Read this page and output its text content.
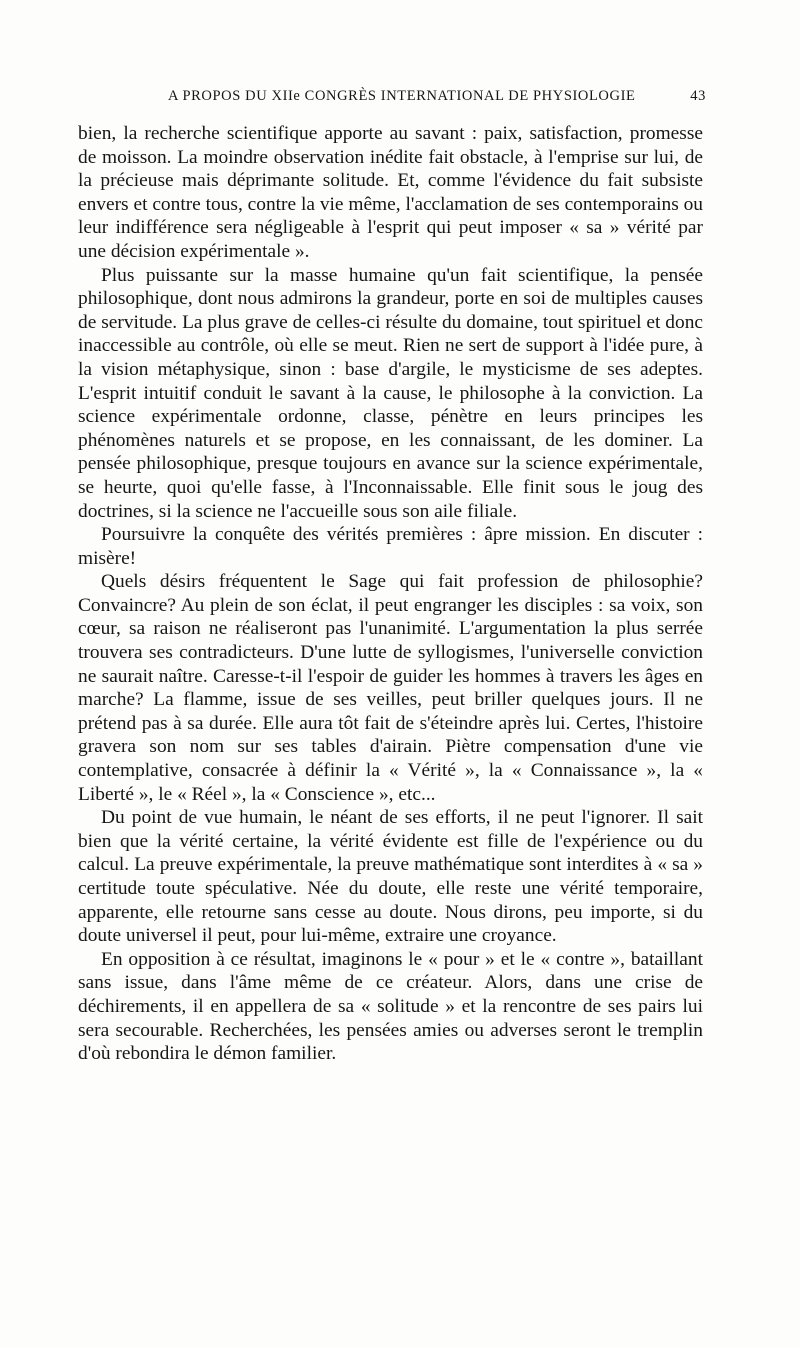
A PROPOS DU XIIe CONGRÈS INTERNATIONAL DE PHYSIOLOGIE	43

bien, la recherche scientifique apporte au savant : paix, satisfaction, promesse de moisson. La moindre observation inédite fait obstacle, à l'emprise sur lui, de la précieuse mais déprimante solitude. Et, comme l'évidence du fait subsiste envers et contre tous, contre la vie même, l'acclamation de ses contemporains ou leur indifférence sera négligeable à l'esprit qui peut imposer « sa » vérité par une décision expérimentale ».

Plus puissante sur la masse humaine qu'un fait scientifique, la pensée philosophique, dont nous admirons la grandeur, porte en soi de multiples causes de servitude. La plus grave de celles-ci résulte du domaine, tout spirituel et donc inaccessible au contrôle, où elle se meut. Rien ne sert de support à l'idée pure, à la vision métaphysique, sinon : base d'argile, le mysticisme de ses adeptes. L'esprit intuitif conduit le savant à la cause, le philosophe à la conviction. La science expérimentale ordonne, classe, pénètre en leurs principes les phénomènes naturels et se propose, en les connaissant, de les dominer. La pensée philosophique, presque toujours en avance sur la science expérimentale, se heurte, quoi qu'elle fasse, à l'Inconnaissable. Elle finit sous le joug des doctrines, si la science ne l'accueille sous son aile filiale.

Poursuivre la conquête des vérités premières : âpre mission. En discuter : misère!

Quels désirs fréquentent le Sage qui fait profession de philosophie? Convaincre? Au plein de son éclat, il peut engranger les disciples : sa voix, son cœur, sa raison ne réaliseront pas l'unanimité. L'argumentation la plus serrée trouvera ses contradicteurs. D'une lutte de syllogismes, l'universelle conviction ne saurait naître. Caresse-t-il l'espoir de guider les hommes à travers les âges en marche? La flamme, issue de ses veilles, peut briller quelques jours. Il ne prétend pas à sa durée. Elle aura tôt fait de s'éteindre après lui. Certes, l'histoire gravera son nom sur ses tables d'airain. Piètre compensation d'une vie contemplative, consacrée à définir la « Vérité », la « Connaissance », la « Liberté », le « Réel », la « Conscience », etc...

Du point de vue humain, le néant de ses efforts, il ne peut l'ignorer. Il sait bien que la vérité certaine, la vérité évidente est fille de l'expérience ou du calcul. La preuve expérimentale, la preuve mathématique sont interdites à « sa » certitude toute spéculative. Née du doute, elle reste une vérité temporaire, apparente, elle retourne sans cesse au doute. Nous dirons, peu importe, si du doute universel il peut, pour lui-même, extraire une croyance.

En opposition à ce résultat, imaginons le « pour » et le « contre », bataillant sans issue, dans l'âme même de ce créateur. Alors, dans une crise de déchirements, il en appellera de sa « solitude » et la rencontre de ses pairs lui sera secourable. Recherchées, les pensées amies ou adverses seront le tremplin d'où rebondira le démon familier.
